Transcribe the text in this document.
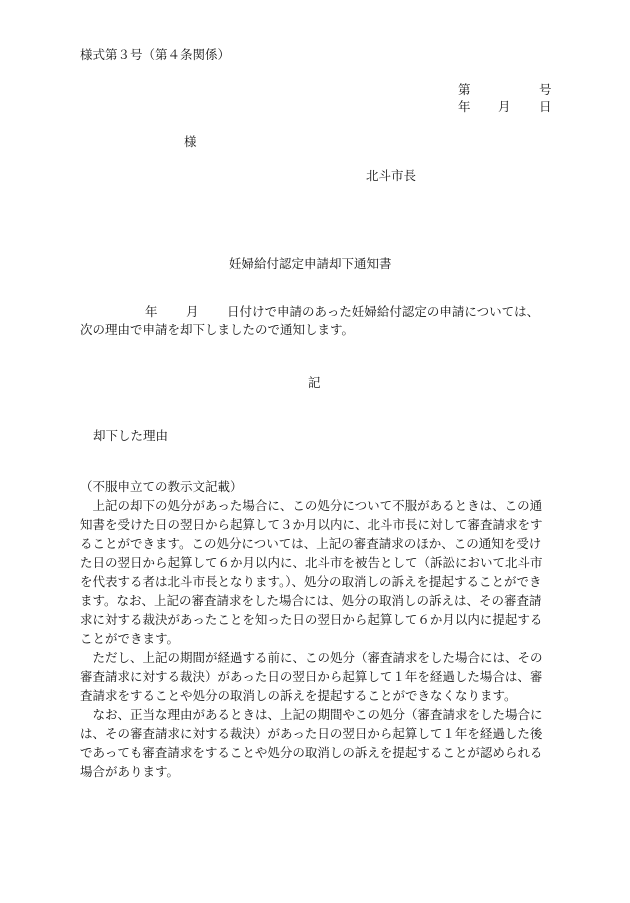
様式第３号（第４条関係）
第	号
年 月 日
様
北斗市長
妊婦給付認定申請却下通知書
年 月 日付けで申請のあった妊婦給付認定の申請については、
次の理由で申請を却下しましたので通知します。
記
却下した理由
（不服申立ての教示文記載）

上記の却下の処分があった場合に、この処分について不服があるときは、この通知書を受けた日の翌日から起算して３か月以内に、北斗市長に対して審査請求をすることができます。この処分については、上記の審査請求のほか、この通知を受けた日の翌日から起算して６か月以内に、北斗市を被告として（訴訟において北斗市を代表する者は北斗市長となります。）、処分の取消しの訴えを提起することができます。なお、上記の審査請求をした場合には、処分の取消しの訴えは、その審査請求に対する裁決があったことを知った日の翌日から起算して６か月以内に提起することができます。

ただし、上記の期間が経過する前に、この処分（審査請求をした場合には、その審査請求に対する裁決）があった日の翌日から起算して１年を経過した場合は、審査請求をすることや処分の取消しの訴えを提起することができなくなります。

なお、正当な理由があるときは、上記の期間やこの処分（審査請求をした場合には、その審査請求に対する裁決）があった日の翌日から起算して１年を経過した後であっても審査請求をすることや処分の取消しの訴えを提起することが認められる場合があります。
